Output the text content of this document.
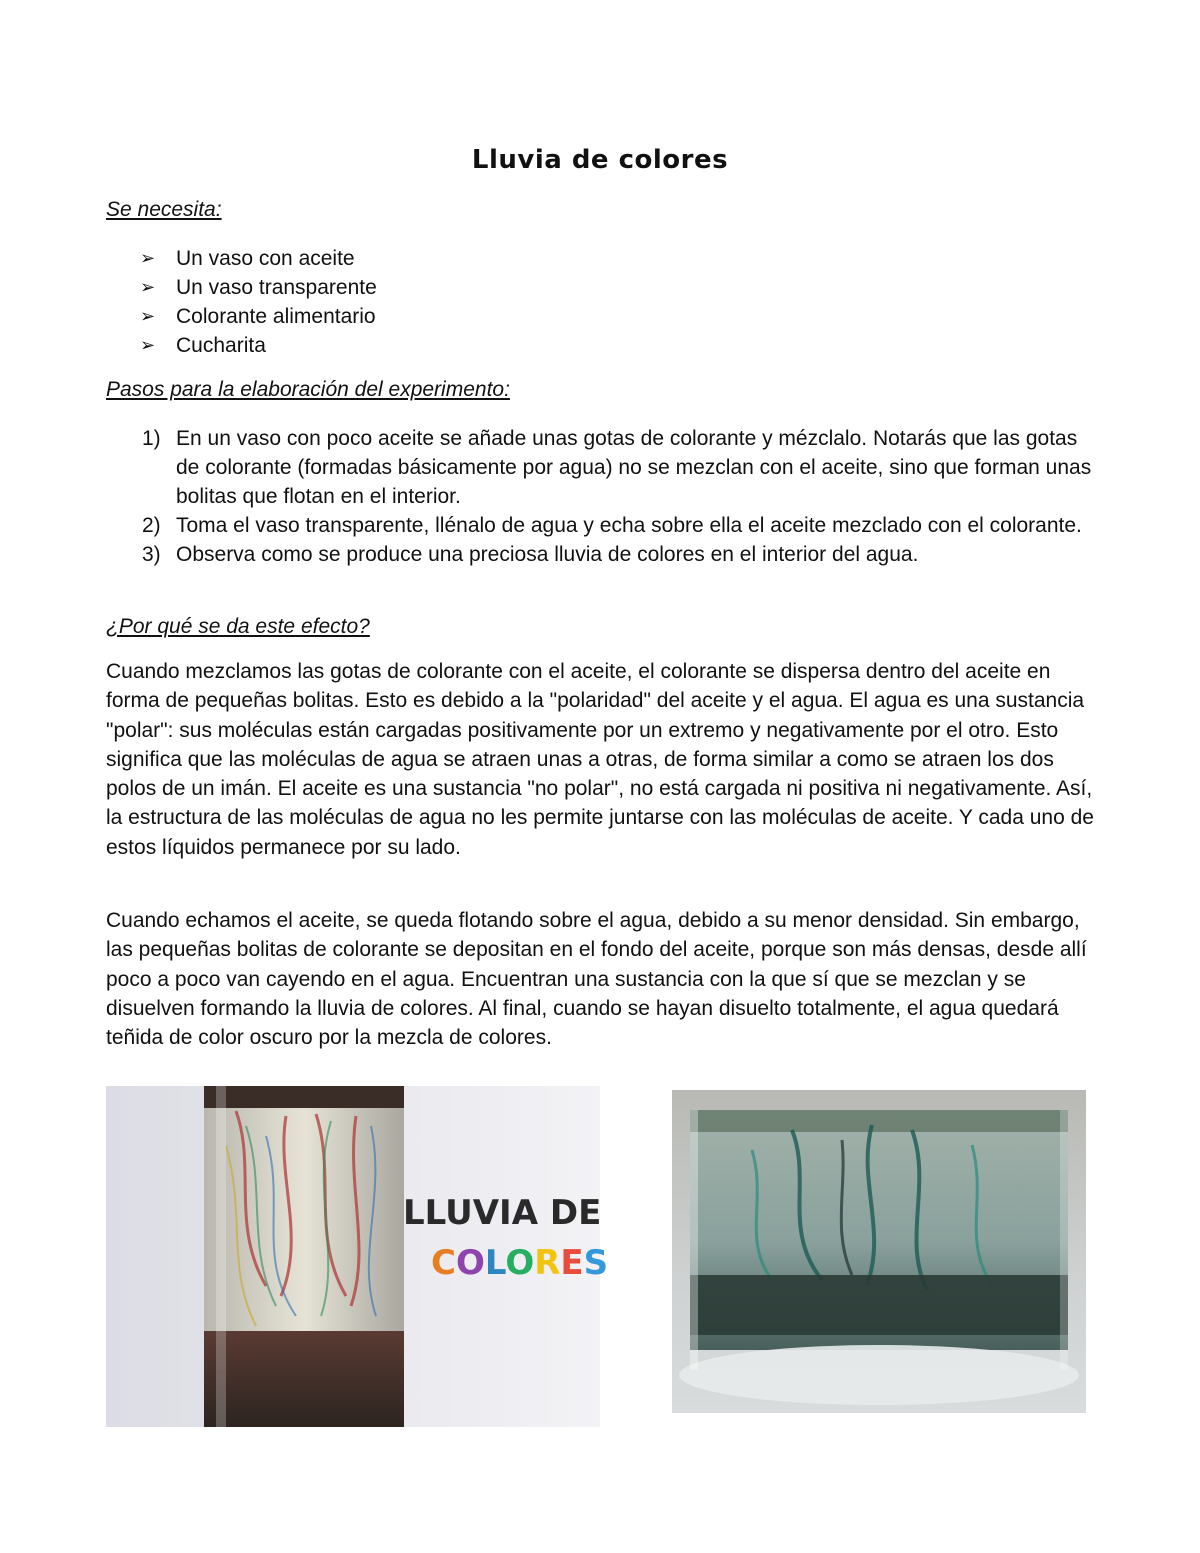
Lluvia de colores
Se necesita:
➢ Un vaso con aceite
➢ Un vaso transparente
➢ Colorante alimentario
➢ Cucharita
Pasos para la elaboración del experimento:
1) En un vaso con poco aceite se añade unas gotas de colorante y mézclalo. Notarás que las gotas de colorante (formadas básicamente por agua) no se mezclan con el aceite, sino que forman unas bolitas que flotan en el interior.
2) Toma el vaso transparente, llénalo de agua y echa sobre ella el aceite mezclado con el colorante.
3) Observa como se produce una preciosa lluvia de colores en el interior del agua.
¿Por qué se da este efecto?

Cuando mezclamos las gotas de colorante con el aceite, el colorante se dispersa dentro del aceite en forma de pequeñas bolitas. Esto es debido a la "polaridad" del aceite y el agua. El agua es una sustancia "polar": sus moléculas están cargadas positivamente por un extremo y negativamente por el otro. Esto significa que las moléculas de agua se atraen unas a otras, de forma similar a como se atraen los dos polos de un imán. El aceite es una sustancia "no polar", no está cargada ni positiva ni negativamente. Así, la estructura de las moléculas de agua no les permite juntarse con las moléculas de aceite. Y cada uno de estos líquidos permanece por su lado.

Cuando echamos el aceite, se queda flotando sobre el agua, debido a su menor densidad. Sin embargo, las pequeñas bolitas de colorante se depositan en el fondo del aceite, porque son más densas, desde allí poco a poco van cayendo en el agua. Encuentran una sustancia con la que sí que se mezclan y se disuelven formando la lluvia de colores. Al final, cuando se hayan disuelto totalmente, el agua quedará teñida de color oscuro por la mezcla de colores.

LLUVIA DE
COLORES
